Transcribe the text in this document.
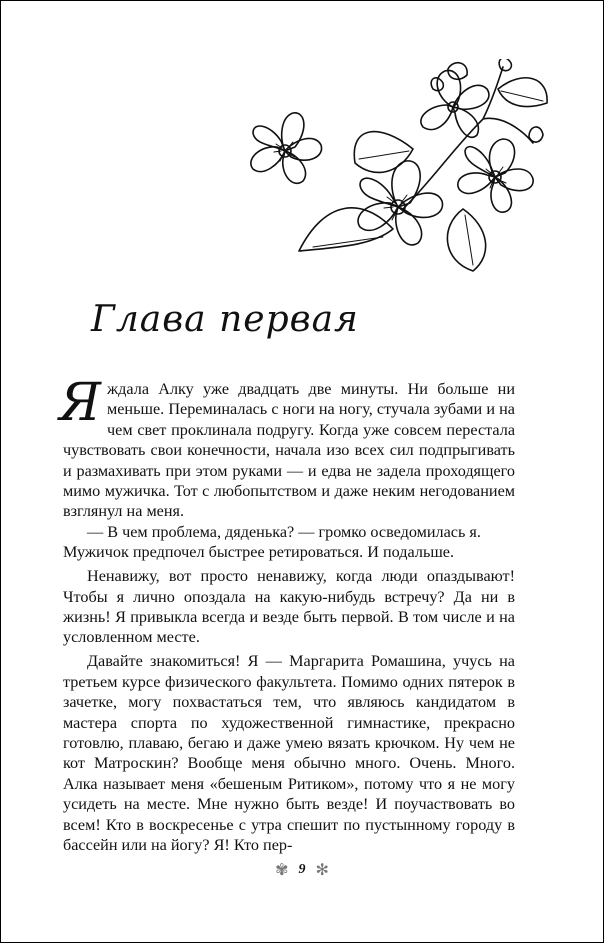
Глава первая

Яждала Алку уже двадцать две минуты. Ни больше ни меньше. Переминалась с ноги на ногу, стучала зубами и на чем свет проклинала подругу. Когда уже совсем перестала чувствовать свои конечности, начала изо всех сил подпрыгивать и размахивать при этом руками — и едва не задела проходящего мимо мужичка. Тот с любопытством и даже неким негодованием взглянул на меня.

— В чем проблема, дяденька? — громко осведомилась я.

Мужичок предпочел быстрее ретироваться. И подальше.

Ненавижу, вот просто ненавижу, когда люди опаздывают! Чтобы я лично опоздала на какую-нибудь встречу? Да ни в жизнь! Я привыкла всегда и везде быть первой. В том числе и на условленном месте.

Давайте знакомиться! Я — Маргарита Ромашина, учусь на третьем курсе физического факультета. Помимо одних пятерок в зачетке, могу похвастаться тем, что являюсь кандидатом в мастера спорта по художественной гимнастике, прекрасно готовлю, плаваю, бегаю и даже умею вязать крючком. Ну чем не кот Матроскин? Вообще меня обычно много. Очень. Много. Алка называет меня «бешеным Ритиком», потому что я не могу усидеть на месте. Мне нужно быть везде! И поучаствовать во всем! Кто в воскресенье с утра спешит по пустынному городу в бассейн или на йогу? Я! Кто пер-

✾ 9 ✻
